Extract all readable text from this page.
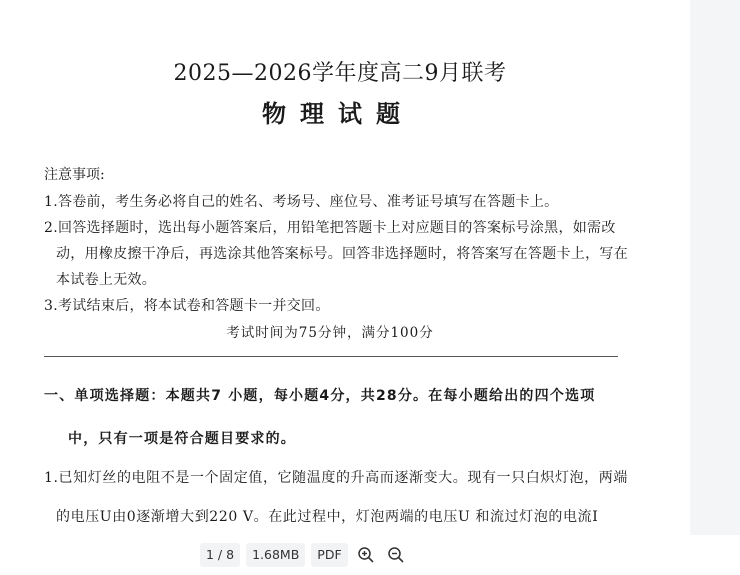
2025—2026学年度高二9月联考
物理试题
注意事项:
1.答卷前，考生务必将自己的姓名、考场号、座位号、准考证号填写在答题卡上。
2.回答选择题时，选出每小题答案后，用铅笔把答题卡上对应题目的答案标号涂黑，如需改
动，用橡皮擦干净后，再选涂其他答案标号。回答非选择题时，将答案写在答题卡上，写在
本试卷上无效。
3.考试结束后，将本试卷和答题卡一并交回。
考试时间为75分钟，满分100分
一、单项选择题：本题共7 小题，每小题4分，共28分。在每小题给出的四个选项
中，只有一项是符合题目要求的。
1.已知灯丝的电阻不是一个固定值，它随温度的升高而逐渐变大。现有一只白炽灯泡，两端
的电压U由0逐渐增大到220 V。在此过程中，灯泡两端的电压U 和流过灯泡的电流I
1 / 8	1.68MB	PDF
